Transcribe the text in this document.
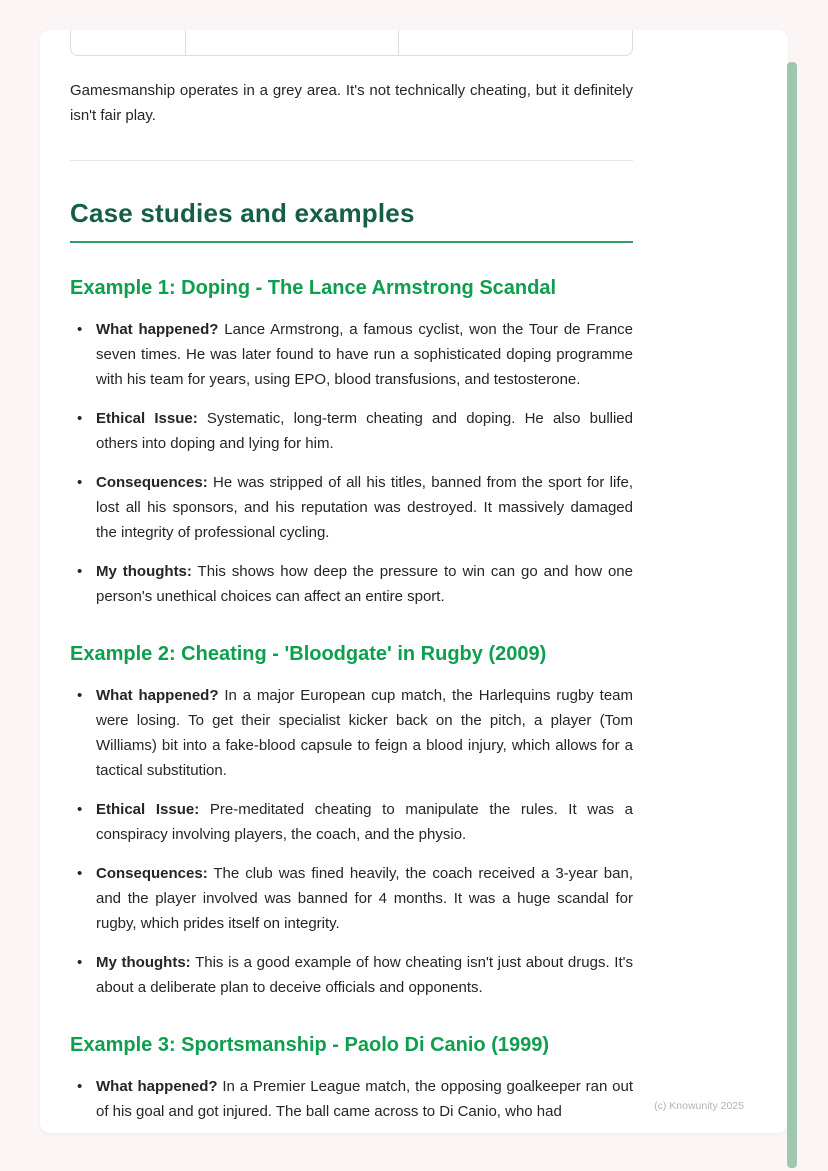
Gamesmanship operates in a grey area. It's not technically cheating, but it definitely isn't fair play.

Case studies and examples
Example 1: Doping - The Lance Armstrong Scandal
• What happened? Lance Armstrong, a famous cyclist, won the Tour de France seven times. He was later found to have run a sophisticated doping programme with his team for years, using EPO, blood transfusions, and testosterone.
• Ethical Issue: Systematic, long-term cheating and doping. He also bullied others into doping and lying for him.
• Consequences: He was stripped of all his titles, banned from the sport for life, lost all his sponsors, and his reputation was destroyed. It massively damaged the integrity of professional cycling.
• My thoughts: This shows how deep the pressure to win can go and how one person's unethical choices can affect an entire sport.
Example 2: Cheating - 'Bloodgate' in Rugby (2009)
• What happened? In a major European cup match, the Harlequins rugby team were losing. To get their specialist kicker back on the pitch, a player (Tom Williams) bit into a fake-blood capsule to feign a blood injury, which allows for a tactical substitution.
• Ethical Issue: Pre-meditated cheating to manipulate the rules. It was a conspiracy involving players, the coach, and the physio.
• Consequences: The club was fined heavily, the coach received a 3-year ban, and the player involved was banned for 4 months. It was a huge scandal for rugby, which prides itself on integrity.
• My thoughts: This is a good example of how cheating isn't just about drugs. It's about a deliberate plan to deceive officials and opponents.
Example 3: Sportsmanship - Paolo Di Canio (1999)
• What happened? In a Premier League match, the opposing goalkeeper ran out of his goal and got injured. The ball came across to Di Canio, who had	(c) Knowunity 2025
